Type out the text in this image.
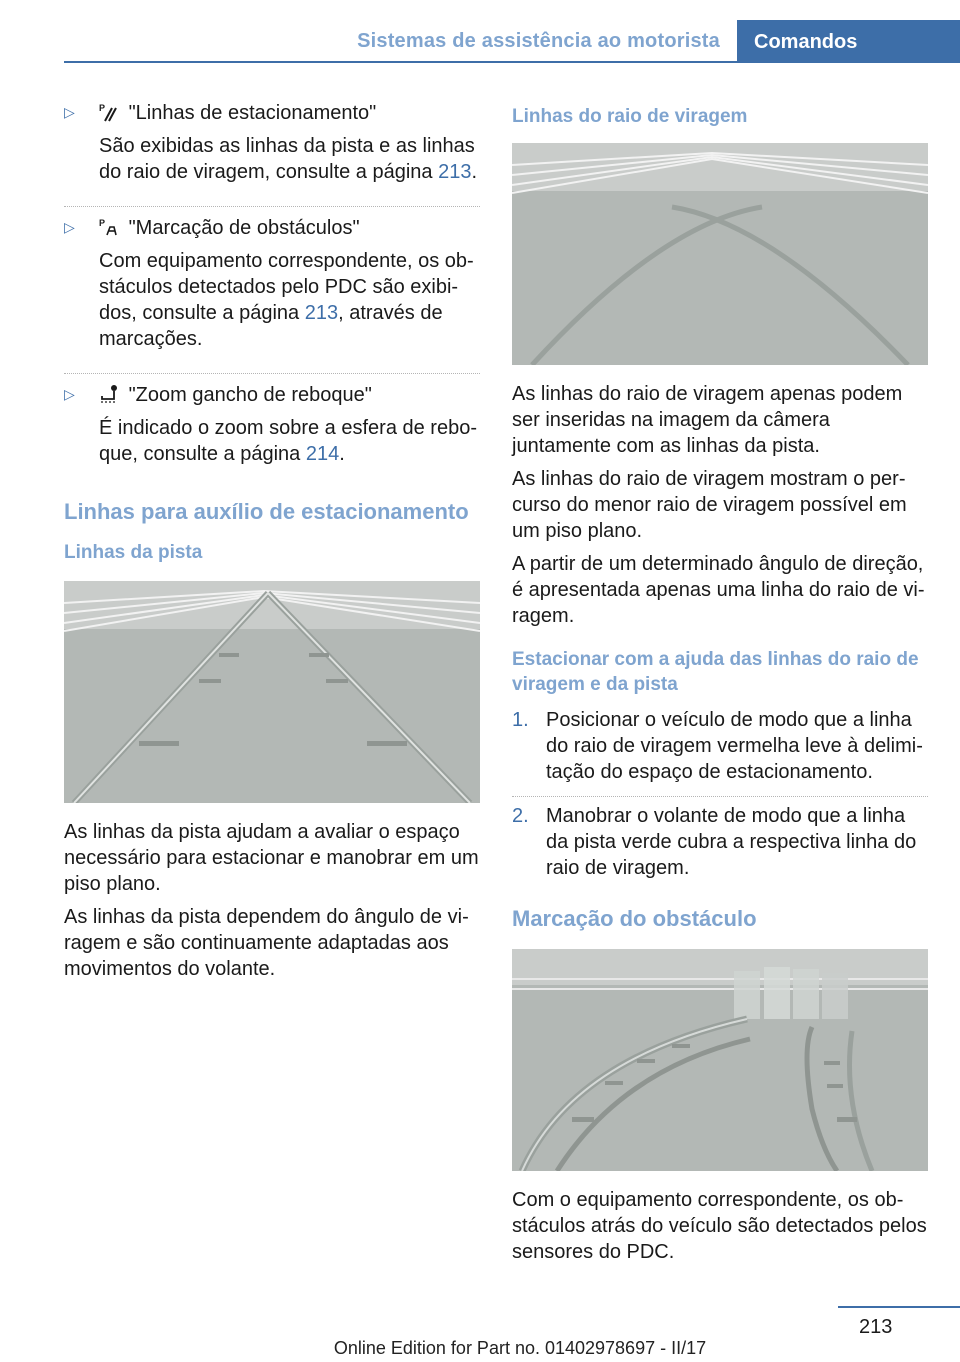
Sistemas de assistência ao motorista	Comandos
▷	P "Linhas de estacionamento"
São exibidas as linhas da pista e as linhas do raio de viragem, consulte a página 213.
▷	P "Marcação de obstáculos"
Com equipamento correspondente, os obstáculos detectados pelo PDC são exibidos, consulte a página 213, através de marcações.
▷	"Zoom gancho de reboque"
É indicado o zoom sobre a esfera de reboque, consulte a página 214.
Linhas para auxílio de estacionamento
Linhas da pista
As linhas da pista ajudam a avaliar o espaço necessário para estacionar e manobrar em um piso plano.
As linhas da pista dependem do ângulo de viragem e são continuamente adaptadas aos movimentos do volante.
Linhas do raio de viragem
As linhas do raio de viragem apenas podem ser inseridas na imagem da câmera juntamente com as linhas da pista.
As linhas do raio de viragem mostram o percurso do menor raio de viragem possível em um piso plano.
A partir de um determinado ângulo de direção, é apresentada apenas uma linha do raio de viragem.
Estacionar com a ajuda das linhas do raio de viragem e da pista
1. Posicionar o veículo de modo que a linha do raio de viragem vermelha leve à delimitação do espaço de estacionamento.
2. Manobrar o volante de modo que a linha da pista verde cubra a respectiva linha do raio de viragem.
Marcação do obstáculo
Com o equipamento correspondente, os obstáculos atrás do veículo são detectados pelos sensores do PDC.
213
Online Edition for Part no. 01402978697 - II/17
